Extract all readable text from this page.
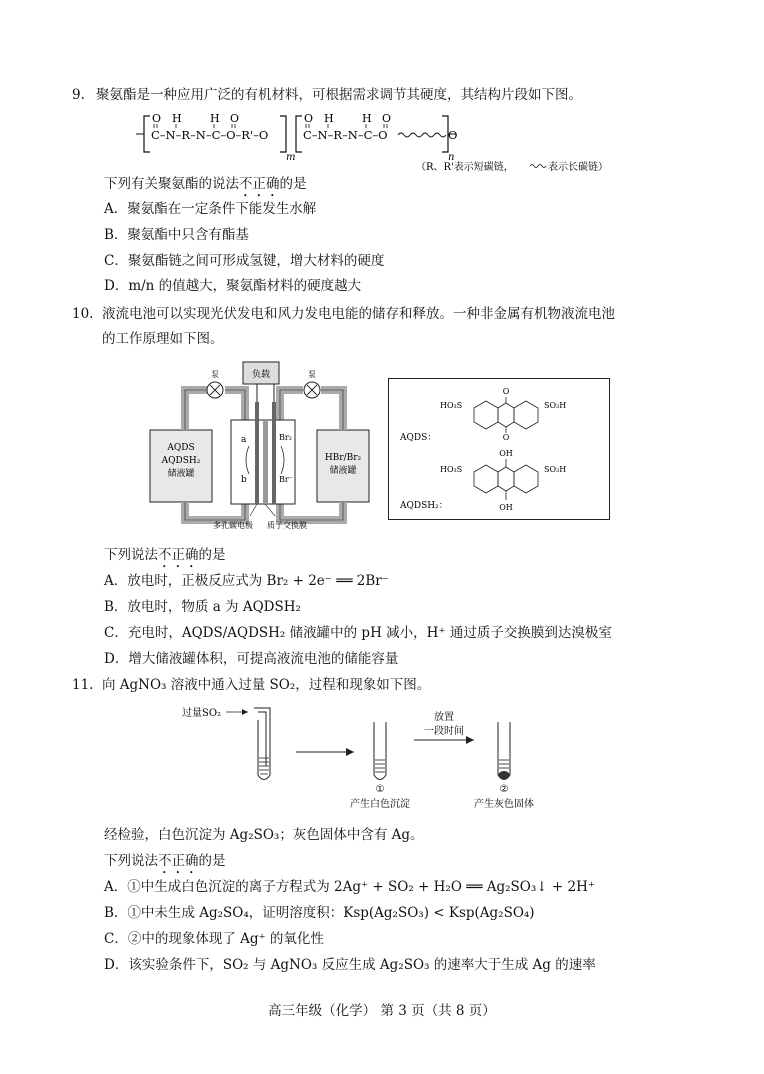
9. 聚氨酯是一种应用广泛的有机材料，可根据需求调节其硬度，其结构片段如下图。
O H	H O
C–N–R–N–C–O–R'–O
m
O H	H O
C–N–R–N–C–O	O
n
（R、R'表示短碳链，	表示长碳链）
下列有关聚氨酯的说法不正确的是
A．聚氨酯在一定条件下能发生水解
B．聚氨酯中只含有酯基
C．聚氨酯链之间可形成氢键，增大材料的硬度
D．m/n 的值越大，聚氨酯材料的硬度越大
10. 液流电池可以实现光伏发电和风力发电电能的储存和释放。一种非金属有机物液流电池
的工作原理如下图。
AQDS
AQDSH₂
储液罐
HBr/Br₂
储液罐
负载
泵	泵
a
b
Br₂
Br⁻
多孔碳电极 质子交换膜
O
O
HO₃S	SO₃H
AQDS：
OH
OH
HO₃S	SO₃H
AQDSH₂：
下列说法不正确的是
A．放电时，正极反应式为 Br₂ + 2e⁻ ══ 2Br⁻
B．放电时，物质 a 为 AQDSH₂
C．充电时，AQDS/AQDSH₂ 储液罐中的 pH 减小，H⁺ 通过质子交换膜到达溴极室
D．增大储液罐体积，可提高液流电池的储能容量
11. 向 AgNO₃ 溶液中通入过量 SO₂，过程和现象如下图。
过量SO₂
①
产生白色沉淀
放置
一段时间
②
产生灰色固体
经检验，白色沉淀为 Ag₂SO₃；灰色固体中含有 Ag。
下列说法不正确的是
A．①中生成白色沉淀的离子方程式为 2Ag⁺ + SO₂ + H₂O ══ Ag₂SO₃↓ + 2H⁺
B．①中未生成 Ag₂SO₄，证明溶度积：Ksp(Ag₂SO₃) < Ksp(Ag₂SO₄)
C．②中的现象体现了 Ag⁺ 的氧化性
D．该实验条件下，SO₂ 与 AgNO₃ 反应生成 Ag₂SO₃ 的速率大于生成 Ag 的速率
高三年级（化学） 第 3 页（共 8 页）
